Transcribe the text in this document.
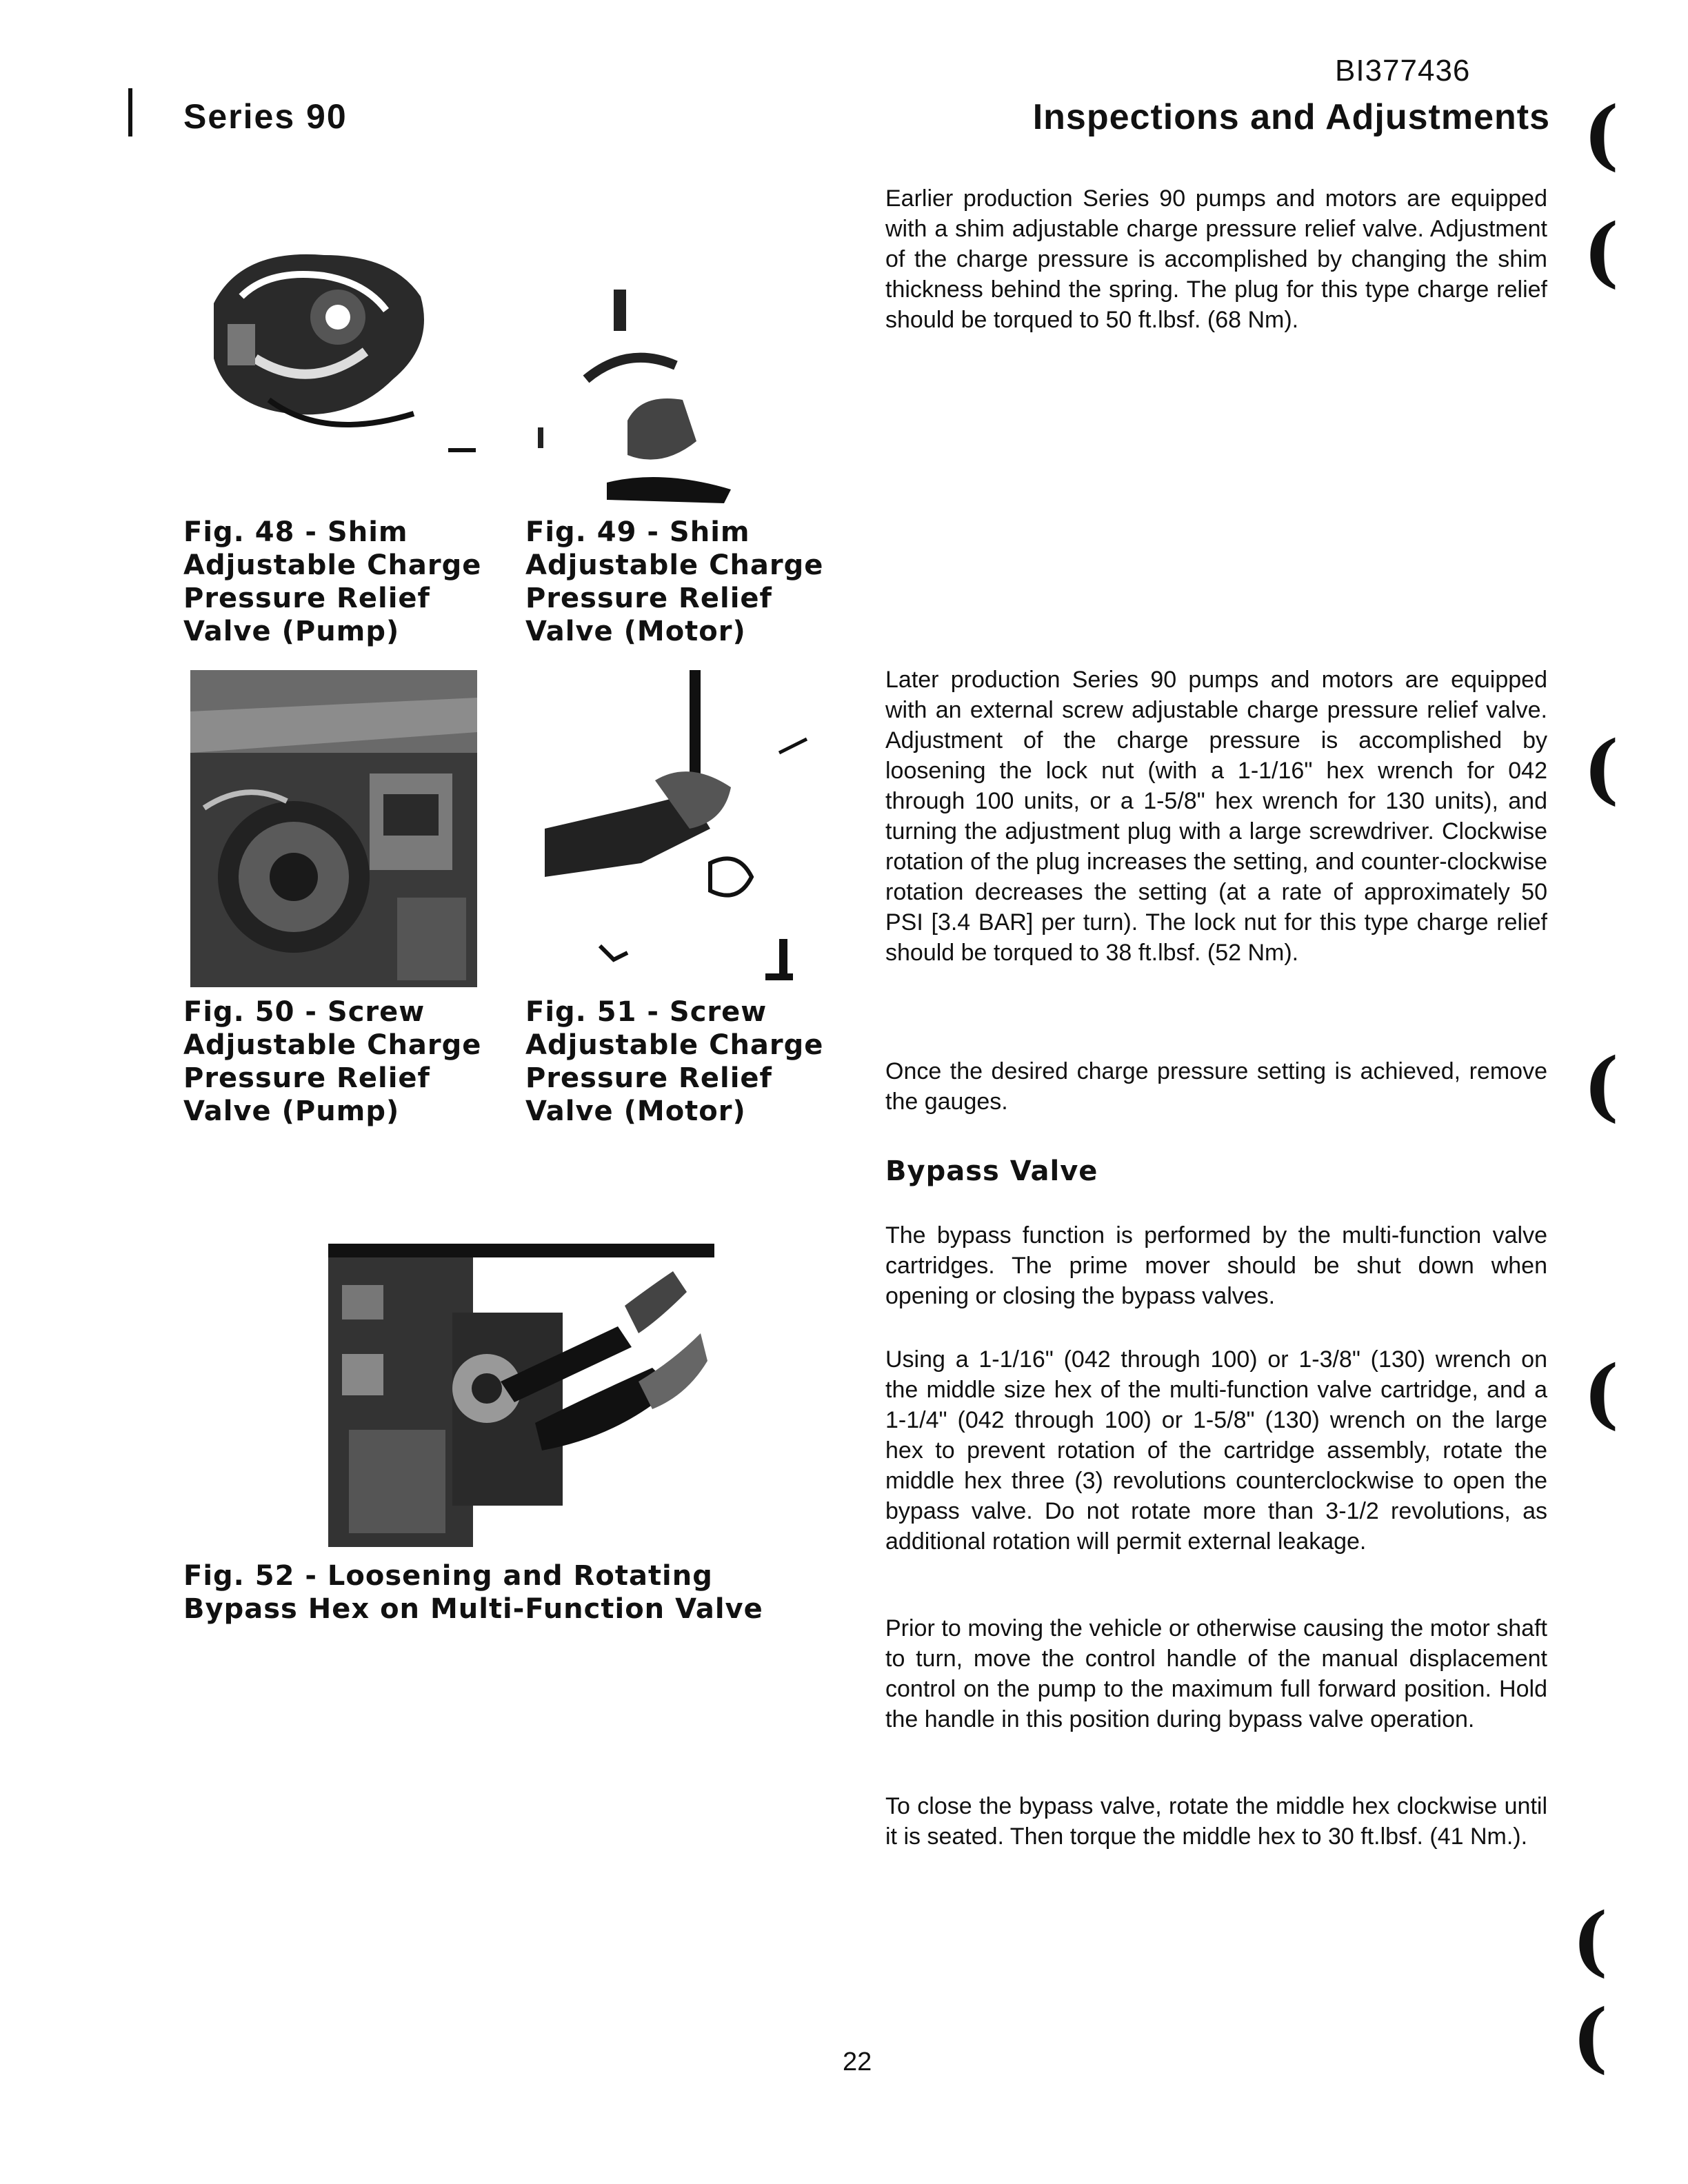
BI377436
Series 90	Inspections and Adjustments
Fig. 48 - Shim Adjustable Charge Pressure Relief Valve (Pump)
Fig. 49 - Shim Adjustable Charge Pressure Relief Valve (Motor)
Fig. 50 - Screw Adjustable Charge Pressure Relief Valve (Pump)
Fig. 51 - Screw Adjustable Charge Pressure Relief Valve (Motor)
Fig. 52 - Loosening and Rotating Bypass Hex on Multi-Function Valve
Earlier production Series 90 pumps and motors are equipped with a shim adjustable charge pressure relief valve. Adjustment of the charge pressure is accomplished by changing the shim thickness behind the spring. The plug for this type charge relief should be torqued to 50 ft.lbsf. (68 Nm).
Later production Series 90 pumps and motors are equipped with an external screw adjustable charge pressure relief valve. Adjustment of the charge pressure is accomplished by loosening the lock nut (with a 1-1/16" hex wrench for 042 through 100 units, or a 1-5/8" hex wrench for 130 units), and turning the adjustment plug with a large screwdriver. Clockwise rotation of the plug increases the setting, and counter-clockwise rotation decreases the setting (at a rate of approximately 50 PSI [3.4 BAR] per turn). The lock nut for this type charge relief should be torqued to 38 ft.lbsf. (52 Nm).
Once the desired charge pressure setting is achieved, remove the gauges.
Bypass Valve
The bypass function is performed by the multi-function valve cartridges. The prime mover should be shut down when opening or closing the bypass valves.
Using a 1-1/16" (042 through 100) or 1-3/8" (130) wrench on the middle size hex of the multi-function valve cartridge, and a 1-1/4" (042 through 100) or 1-5/8" (130) wrench on the large hex to prevent rotation of the cartridge assembly, rotate the middle hex three (3) revolutions counterclockwise to open the bypass valve. Do not rotate more than 3-1/2 revolutions, as additional rotation will permit external leakage.
Prior to moving the vehicle or otherwise causing the motor shaft to turn, move the control handle of the manual displacement control on the pump to the maximum full forward position. Hold the handle in this position during bypass valve operation.
To close the bypass valve, rotate the middle hex clockwise until it is seated. Then torque the middle hex to 30 ft.lbsf. (41 Nm.).
(
(
(
(
(
(
(
22
